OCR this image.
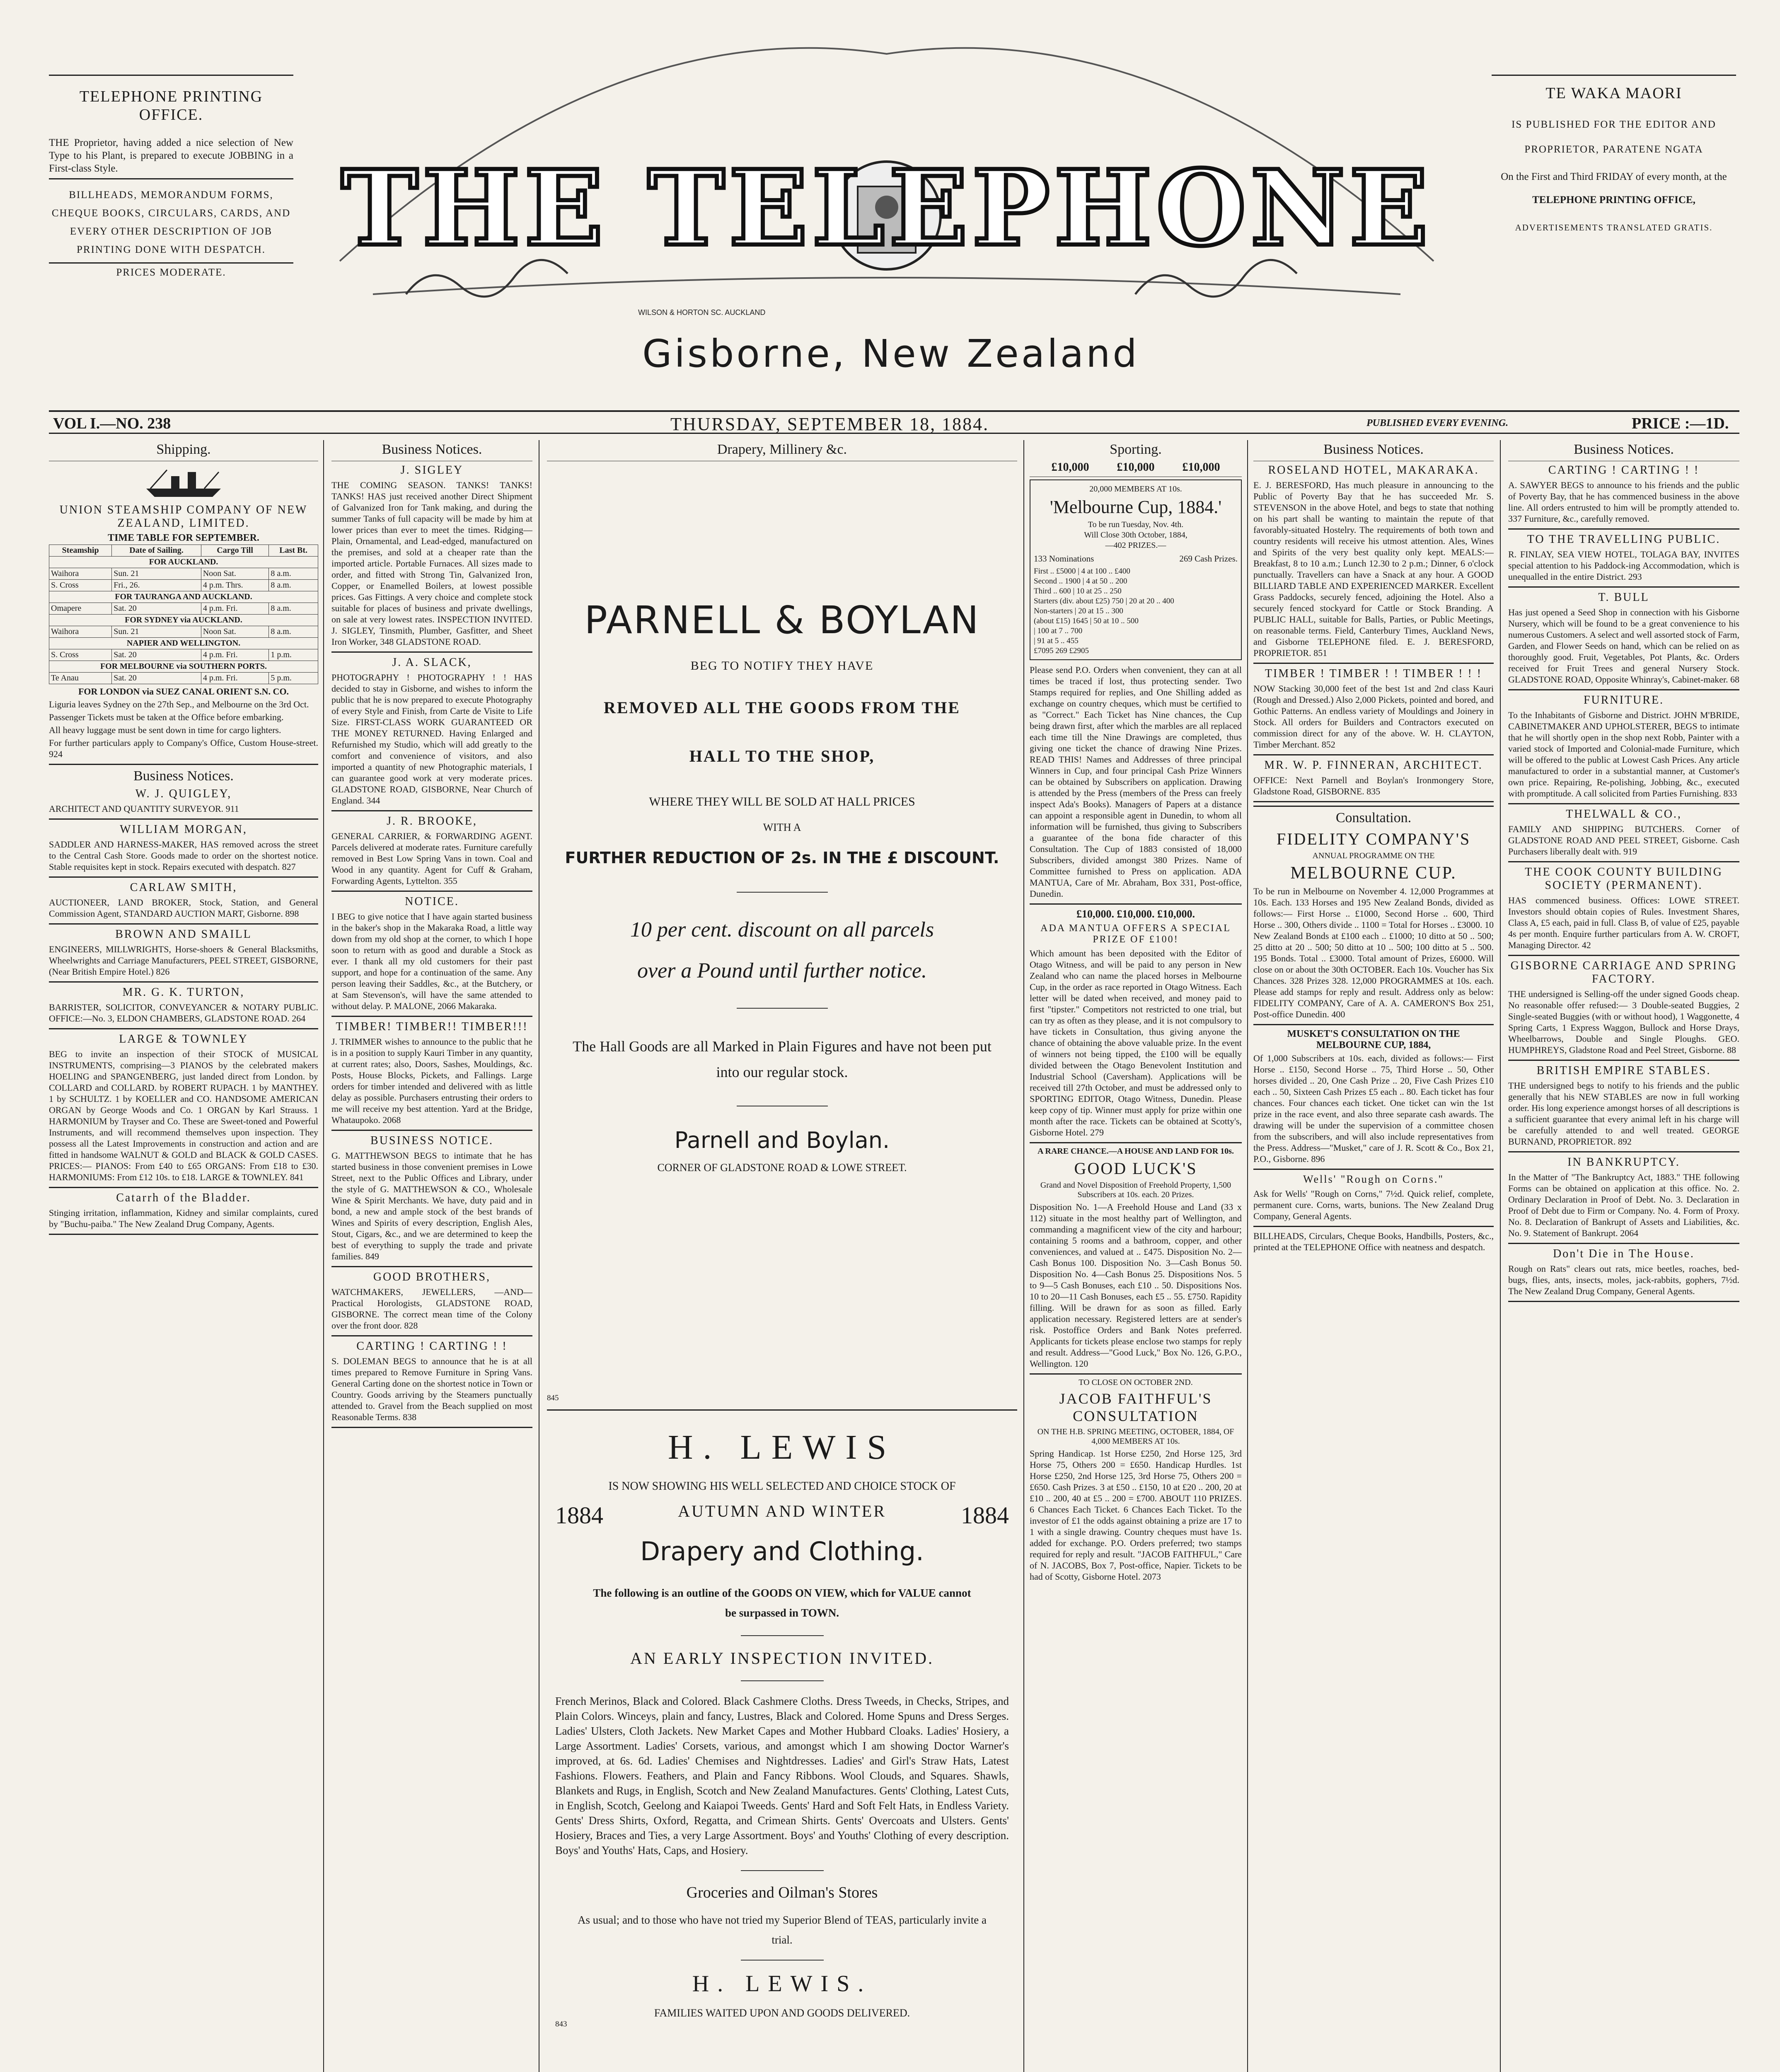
TELEPHONE PRINTING OFFICE.
THE Proprietor, having added a nice selection of New Type to his Plant, is prepared to execute JOBBING in a First-class Style.
BILLHEADS, MEMORANDUM FORMS, CHEQUE BOOKS, CIRCULARS, CARDS, AND EVERY OTHER DESCRIPTION OF JOB PRINTING DONE WITH DESPATCH.
PRICES MODERATE.
THE TELEPHONE
WILSON & HORTON SC. AUCKLAND
Gisborne, New Zealand
TE WAKA MAORI
IS PUBLISHED FOR THE EDITOR AND PROPRIETOR, PARATENE NGATA
On the First and Third FRIDAY of every month, at the
TELEPHONE PRINTING OFFICE,
ADVERTISEMENTS TRANSLATED GRATIS.
VOL I.—NO. 238	THURSDAY, SEPTEMBER 18, 1884.	PUBLISHED EVERY EVENING.	PRICE :—1D.
Shipping.
UNION STEAMSHIP COMPANY OF NEW ZEALAND, LIMITED.
TIME TABLE FOR SEPTEMBER.
Steamship	Date of Sailing.	Cargo Till	Last Bt.
FOR AUCKLAND.			
Waihora	Sun. 21	Noon Sat.	8 a.m.
S. Cross	Fri., 26.	4 p.m. Thrs.	8 a.m.
FOR TAURANGA AND AUCKLAND.			
Omapere	Sat. 20	4 p.m. Fri.	8 a.m.
FOR SYDNEY via AUCKLAND.			
Waihora	Sun. 21	Noon Sat.	8 a.m.
NAPIER AND WELLINGTON.			
S. Cross	Sat. 20	4 p.m. Fri.	1 p.m.
FOR MELBOURNE via SOUTHERN PORTS.			
Te Anau	Sat. 20	4 p.m. Fri.	5 p.m.

FOR LONDON via SUEZ CANAL ORIENT S.N. CO.

Liguria leaves Sydney on the 27th Sep., and Melbourne on the 3rd Oct.

Passenger Tickets must be taken at the Office before embarking.

All heavy luggage must be sent down in time for cargo lighters.

For further particulars apply to Company's Office, Custom House-street. 924

Business Notices.
W. J. QUIGLEY,

ARCHITECT AND QUANTITY SURVEYOR. 911

WILLIAM MORGAN,

SADDLER AND HARNESS-MAKER, HAS removed across the street to the Central Cash Store. Goods made to order on the shortest notice. Stable requisites kept in stock. Repairs executed with despatch. 827

CARLAW SMITH,

AUCTIONEER, LAND BROKER, Stock, Station, and General Commission Agent, STANDARD AUCTION MART, Gisborne. 898

BROWN AND SMAILL

ENGINEERS, MILLWRIGHTS, Horse-shoers & General Blacksmiths, Wheelwrights and Carriage Manufacturers, PEEL STREET, GISBORNE, (Near British Empire Hotel.) 826

MR. G. K. TURTON,

BARRISTER, SOLICITOR, CONVEYANCER & NOTARY PUBLIC. OFFICE:—No. 3, ELDON CHAMBERS, GLADSTONE ROAD. 264

LARGE & TOWNLEY

BEG to invite an inspection of their STOCK of MUSICAL INSTRUMENTS, comprising—3 PIANOS by the celebrated makers HOELING and SPANGENBERG, just landed direct from London. by COLLARD and COLLARD. by ROBERT RUPACH. 1 by MANTHEY. 1 by SCHULTZ. 1 by KOELLER and CO. HANDSOME AMERICAN ORGAN by George Woods and Co. 1 ORGAN by Karl Strauss. 1 HARMONIUM by Trayser and Co. These are Sweet-toned and Powerful Instruments, and will recommend themselves upon inspection. They possess all the Latest Improvements in construction and action and are fitted in handsome WALNUT & GOLD and BLACK & GOLD CASES. PRICES:— PIANOS: From £40 to £65 ORGANS: From £18 to £30. HARMONIUMS: From £12 10s. to £18. LARGE & TOWNLEY. 841

Catarrh of the Bladder.

Stinging irritation, inflammation, Kidney and similar complaints, cured by "Buchu-paiba." The New Zealand Drug Company, Agents.

Business Notices.
J. SIGLEY

THE COMING SEASON. TANKS! TANKS! TANKS! HAS just received another Direct Shipment of Galvanized Iron for Tank making, and during the summer Tanks of full capacity will be made by him at lower prices than ever to meet the times. Ridging—Plain, Ornamental, and Lead-edged, manufactured on the premises, and sold at a cheaper rate than the imported article. Portable Furnaces. All sizes made to order, and fitted with Strong Tin, Galvanized Iron, Copper, or Enamelled Boilers, at lowest possible prices. Gas Fittings. A very choice and complete stock suitable for places of business and private dwellings, on sale at very lowest rates. INSPECTION INVITED. J. SIGLEY, Tinsmith, Plumber, Gasfitter, and Sheet Iron Worker, 348 GLADSTONE ROAD.

J. A. SLACK,

PHOTOGRAPHY ! PHOTOGRAPHY ! ! HAS decided to stay in Gisborne, and wishes to inform the public that he is now prepared to execute Photography of every Style and Finish, from Carte de Visite to Life Size. FIRST-CLASS WORK GUARANTEED OR THE MONEY RETURNED. Having Enlarged and Refurnished my Studio, which will add greatly to the comfort and convenience of visitors, and also imported a quantity of new Photographic materials, I can guarantee good work at very moderate prices. GLADSTONE ROAD, GISBORNE, Near Church of England. 344

J. R. BROOKE,

GENERAL CARRIER, & FORWARDING AGENT. Parcels delivered at moderate rates. Furniture carefully removed in Best Low Spring Vans in town. Coal and Wood in any quantity. Agent for Cuff & Graham, Forwarding Agents, Lyttelton. 355

NOTICE.

I BEG to give notice that I have again started business in the baker's shop in the Makaraka Road, a little way down from my old shop at the corner, to which I hope soon to return with as good and durable a Stock as ever. I thank all my old customers for their past support, and hope for a continuation of the same. Any person leaving their Saddles, &c., at the Butchery, or at Sam Stevenson's, will have the same attended to without delay. P. MALONE, 2066 Makaraka.

TIMBER! TIMBER!! TIMBER!!!

J. TRIMMER wishes to announce to the public that he is in a position to supply Kauri Timber in any quantity, at current rates; also, Doors, Sashes, Mouldings, &c. Posts, House Blocks, Pickets, and Fallings. Large orders for timber intended and delivered with as little delay as possible. Purchasers entrusting their orders to me will receive my best attention. Yard at the Bridge, Whataupoko. 2068

BUSINESS NOTICE.

G. MATTHEWSON BEGS to intimate that he has started business in those convenient premises in Lowe Street, next to the Public Offices and Library, under the style of G. MATTHEWSON & CO., Wholesale Wine & Spirit Merchants. We have, duty paid and in bond, a new and ample stock of the best brands of Wines and Spirits of every description, English Ales, Stout, Cigars, &c., and we are determined to keep the best of everything to supply the trade and private families. 849

GOOD BROTHERS,

WATCHMAKERS, JEWELLERS, —AND— Practical Horologists, GLADSTONE ROAD, GISBORNE. The correct mean time of the Colony over the front door. 828

CARTING ! CARTING ! !

S. DOLEMAN BEGS to announce that he is at all times prepared to Remove Furniture in Spring Vans. General Carting done on the shortest notice in Town or Country. Goods arriving by the Steamers punctually attended to. Gravel from the Beach supplied on most Reasonable Terms. 838

Drapery, Millinery &c.
PARNELL & BOYLAN
BEG TO NOTIFY THEY HAVE
REMOVED ALL THE GOODS FROM THE
HALL TO THE SHOP,
WHERE THEY WILL BE SOLD AT HALL PRICES
WITH A
FURTHER REDUCTION OF 2s. IN THE £ DISCOUNT.
10 per cent. discount on all parcels
over a Pound until further notice.
The Hall Goods are all Marked in Plain Figures and have not been put into our regular stock.
Parnell and Boylan.
CORNER OF GLADSTONE ROAD & LOWE STREET.
845
H. LEWIS
IS NOW SHOWING HIS WELL SELECTED AND CHOICE STOCK OF
1884	AUTUMN AND WINTER	1884
Drapery and Clothing.
The following is an outline of the GOODS ON VIEW, which for VALUE cannot be surpassed in TOWN.
AN EARLY INSPECTION INVITED.
French Merinos, Black and Colored. Black Cashmere Cloths. Dress Tweeds, in Checks, Stripes, and Plain Colors. Winceys, plain and fancy, Lustres, Black and Colored. Home Spuns and Dress Serges. Ladies' Ulsters, Cloth Jackets. New Market Capes and Mother Hubbard Cloaks. Ladies' Hosiery, a Large Assortment. Ladies' Corsets, various, and amongst which I am showing Doctor Warner's improved, at 6s. 6d. Ladies' Chemises and Nightdresses. Ladies' and Girl's Straw Hats, Latest Fashions. Flowers. Feathers, and Plain and Fancy Ribbons. Wool Clouds, and Squares. Shawls, Blankets and Rugs, in English, Scotch and New Zealand Manufactures. Gents' Clothing, Latest Cuts, in English, Scotch, Geelong and Kaiapoi Tweeds. Gents' Hard and Soft Felt Hats, in Endless Variety. Gents' Dress Shirts, Oxford, Regatta, and Crimean Shirts. Gents' Overcoats and Ulsters. Gents' Hosiery, Braces and Ties, a very Large Assortment. Boys' and Youths' Clothing of every description. Boys' and Youths' Hats, Caps, and Hosiery.
Groceries and Oilman's Stores
As usual; and to those who have not tried my Superior Blend of TEAS, particularly invite a trial.
H. LEWIS.
FAMILIES WAITED UPON AND GOODS DELIVERED.
843
Sporting.
£10,000 £10,000 £10,000
20,000 MEMBERS AT 10s.
'Melbourne Cup, 1884.'
To be run Tuesday, Nov. 4th.
Will Close 30th October, 1884,
—402 PRIZES.—
133 Nominations	269 Cash Prizes.
First .. £5000 | 4 at 100 .. £400
Second .. 1900 | 4 at 50 .. 200
Third .. 600 | 10 at 25 .. 250
Starters (div. about £25) 750 | 20 at 20 .. 400
Non-starters | 20 at 15 .. 300
(about £15) 1645 | 50 at 10 .. 500
| 100 at 7 .. 700
| 91 at 5 .. 455
£7095 269 £2905

Please send P.O. Orders when convenient, they can at all times be traced if lost, thus protecting sender. Two Stamps required for replies, and One Shilling added as exchange on country cheques, which must be certified to as "Correct." Each Ticket has Nine chances, the Cup being drawn first, after which the marbles are all replaced each time till the Nine Drawings are completed, thus giving one ticket the chance of drawing Nine Prizes. READ THIS! Names and Addresses of three principal Winners in Cup, and four principal Cash Prize Winners can be obtained by Subscribers on application. Drawing is attended by the Press (members of the Press can freely inspect Ada's Books). Managers of Papers at a distance can appoint a responsible agent in Dunedin, to whom all information will be furnished, thus giving to Subscribers a guarantee of the bona fide character of this Consultation. The Cup of 1883 consisted of 18,000 Subscribers, divided amongst 380 Prizes. Name of Committee furnished to Press on application. ADA MANTUA, Care of Mr. Abraham, Box 331, Post-office, Dunedin.

£10,000. £10,000. £10,000.
ADA MANTUA OFFERS A SPECIAL PRIZE OF £100!

Which amount has been deposited with the Editor of Otago Witness, and will be paid to any person in New Zealand who can name the placed horses in Melbourne Cup, in the order as race reported in Otago Witness. Each letter will be dated when received, and money paid to first "tipster." Competitors not restricted to one trial, but can try as often as they please, and it is not compulsory to have tickets in Consultation, thus giving anyone the chance of obtaining the above valuable prize. In the event of winners not being tipped, the £100 will be equally divided between the Otago Benevolent Institution and Industrial School (Caversham). Applications will be received till 27th October, and must be addressed only to SPORTING EDITOR, Otago Witness, Dunedin. Please keep copy of tip. Winner must apply for prize within one month after the race. Tickets can be obtained at Scotty's, Gisborne Hotel. 279

A RARE CHANCE.—A HOUSE AND LAND FOR 10s.
GOOD LUCK'S
Grand and Novel Disposition of Freehold Property, 1,500 Subscribers at 10s. each. 20 Prizes.

Disposition No. 1—A Freehold House and Land (33 x 112) situate in the most healthy part of Wellington, and commanding a magnificent view of the city and harbour; containing 5 rooms and a bathroom, copper, and other conveniences, and valued at .. £475. Disposition No. 2—Cash Bonus 100. Disposition No. 3—Cash Bonus 50. Disposition No. 4—Cash Bonus 25. Dispositions Nos. 5 to 9—5 Cash Bonuses, each £10 .. 50. Dispositions Nos. 10 to 20—11 Cash Bonuses, each £5 .. 55. £750. Rapidity filling. Will be drawn for as soon as filled. Early application necessary. Registered letters are at sender's risk. Postoffice Orders and Bank Notes preferred. Applicants for tickets please enclose two stamps for reply and result. Address—"Good Luck," Box No. 126, G.P.O., Wellington. 120

TO CLOSE ON OCTOBER 2ND.
JACOB FAITHFUL'S CONSULTATION
ON THE H.B. SPRING MEETING, OCTOBER, 1884, OF 4,000 MEMBERS AT 10s.

Spring Handicap. 1st Horse £250, 2nd Horse 125, 3rd Horse 75, Others 200 = £650. Handicap Hurdles. 1st Horse £250, 2nd Horse 125, 3rd Horse 75, Others 200 = £650. Cash Prizes. 3 at £50 .. £150, 10 at £20 .. 200, 20 at £10 .. 200, 40 at £5 .. 200 = £700. ABOUT 110 PRIZES. 6 Chances Each Ticket. 6 Chances Each Ticket. To the investor of £1 the odds against obtaining a prize are 17 to 1 with a single drawing. Country cheques must have 1s. added for exchange. P.O. Orders preferred; two stamps required for reply and result. "JACOB FAITHFUL," Care of N. JACOBS, Box 7, Post-office, Napier. Tickets to be had of Scotty, Gisborne Hotel. 2073

Business Notices.
ROSELAND HOTEL, MAKARAKA.

E. J. BERESFORD, Has much pleasure in announcing to the Public of Poverty Bay that he has succeeded Mr. S. STEVENSON in the above Hotel, and begs to state that nothing on his part shall be wanting to maintain the repute of that favorably-situated Hostelry. The requirements of both town and country residents will receive his utmost attention. Ales, Wines and Spirits of the very best quality only kept. MEALS:—Breakfast, 8 to 10 a.m.; Lunch 12.30 to 2 p.m.; Dinner, 6 o'clock punctually. Travellers can have a Snack at any hour. A GOOD BILLIARD TABLE AND EXPERIENCED MARKER. Excellent Grass Paddocks, securely fenced, adjoining the Hotel. Also a securely fenced stockyard for Cattle or Stock Branding. A PUBLIC HALL, suitable for Balls, Parties, or Public Meetings, on reasonable terms. Field, Canterbury Times, Auckland News, and Gisborne TELEPHONE filed. E. J. BERESFORD, PROPRIETOR. 851

TIMBER ! TIMBER ! ! TIMBER ! ! !

NOW Stacking 30,000 feet of the best 1st and 2nd class Kauri (Rough and Dressed.) Also 2,000 Pickets, pointed and bored, and Gothic Patterns. An endless variety of Mouldings and Joinery in Stock. All orders for Builders and Contractors executed on commission direct for any of the above. W. H. CLAYTON, Timber Merchant. 852

MR. W. P. FINNERAN, ARCHITECT.

OFFICE: Next Parnell and Boylan's Ironmongery Store, Gladstone Road, GISBORNE. 835

Consultation.
FIDELITY COMPANY'S
ANNUAL PROGRAMME ON THE
MELBOURNE CUP.

To be run in Melbourne on November 4. 12,000 Programmes at 10s. Each. 133 Horses and 195 New Zealand Bonds, divided as follows:— First Horse .. £1000, Second Horse .. 600, Third Horse .. 300, Others divide .. 1100 = Total for Horses .. £3000. 10 New Zealand Bonds at £100 each .. £1000; 10 ditto at 50 .. 500; 25 ditto at 20 .. 500; 50 ditto at 10 .. 500; 100 ditto at 5 .. 500. 195 Bonds. Total .. £3000. Total amount of Prizes, £6000. Will close on or about the 30th OCTOBER. Each 10s. Voucher has Six Chances. 328 Prizes 328. 12,000 PROGRAMMES at 10s. each. Please add stamps for reply and result. Address only as below: FIDELITY COMPANY, Care of A. A. CAMERON'S Box 251, Post-office Dunedin. 400

MUSKET'S CONSULTATION ON THE MELBOURNE CUP, 1884,

Of 1,000 Subscribers at 10s. each, divided as follows:— First Horse .. £150, Second Horse .. 75, Third Horse .. 50, Other horses divided .. 20, One Cash Prize .. 20, Five Cash Prizes £10 each .. 50, Sixteen Cash Prizes £5 each .. 80. Each ticket has four chances. Four chances each ticket. One ticket can win the 1st prize in the race event, and also three separate cash awards. The drawing will be under the supervision of a committee chosen from the subscribers, and will also include representatives from the Press. Address—"Musket," care of J. R. Scott & Co., Box 21, P.O., Gisborne. 896

Wells' "Rough on Corns."

Ask for Wells' "Rough on Corns," 7½d. Quick relief, complete, permanent cure. Corns, warts, bunions. The New Zealand Drug Company, General Agents.

BILLHEADS, Circulars, Cheque Books, Handbills, Posters, &c., printed at the TELEPHONE Office with neatness and despatch.

Business Notices.
CARTING ! CARTING ! !

A. SAWYER BEGS to announce to his friends and the public of Poverty Bay, that he has commenced business in the above line. All orders entrusted to him will be promptly attended to. 337 Furniture, &c., carefully removed.

TO THE TRAVELLING PUBLIC.

R. FINLAY, SEA VIEW HOTEL, TOLAGA BAY, INVITES special attention to his Paddock-ing Accommodation, which is unequalled in the entire District. 293

T. BULL

Has just opened a Seed Shop in connection with his Gisborne Nursery, which will be found to be a great convenience to his numerous Customers. A select and well assorted stock of Farm, Garden, and Flower Seeds on hand, which can be relied on as thoroughly good. Fruit, Vegetables, Pot Plants, &c. Orders received for Fruit Trees and general Nursery Stock. GLADSTONE ROAD, Opposite Whinray's, Cabinet-maker. 68

FURNITURE.

To the Inhabitants of Gisborne and District. JOHN M'BRIDE, CABINETMAKER AND UPHOLSTERER, BEGS to intimate that he will shortly open in the shop next Robb, Painter with a varied stock of Imported and Colonial-made Furniture, which will be offered to the public at Lowest Cash Prices. Any article manufactured to order in a substantial manner, at Customer's own price. Repairing, Re-polishing, Jobbing, &c., executed with promptitude. A call solicited from Parties Furnishing. 833

THELWALL & CO.,

FAMILY AND SHIPPING BUTCHERS. Corner of GLADSTONE ROAD AND PEEL STREET, Gisborne. Cash Purchasers liberally dealt with. 919

THE COOK COUNTY BUILDING SOCIETY (PERMANENT).

HAS commenced business. Offices: LOWE STREET. Investors should obtain copies of Rules. Investment Shares, Class A, £5 each, paid in full. Class B, of value of £25, payable 4s per month. Enquire further particulars from A. W. CROFT, Managing Director. 42

GISBORNE CARRIAGE AND SPRING FACTORY.

THE undersigned is Selling-off the under signed Goods cheap. No reasonable offer refused:— 3 Double-seated Buggies, 2 Single-seated Buggies (with or without hood), 1 Waggonette, 4 Spring Carts, 1 Express Waggon, Bullock and Horse Drays, Wheelbarrows, Double and Single Ploughs. GEO. HUMPHREYS, Gladstone Road and Peel Street, Gisborne. 88

BRITISH EMPIRE STABLES.

THE undersigned begs to notify to his friends and the public generally that his NEW STABLES are now in full working order. His long experience amongst horses of all descriptions is a sufficient guarantee that every animal left in his charge will be carefully attended to and well treated. GEORGE BURNAND, PROPRIETOR. 892

IN BANKRUPTCY.

In the Matter of "The Bankruptcy Act, 1883." THE following Forms can be obtained on application at this office. No. 2. Ordinary Declaration in Proof of Debt. No. 3. Declaration in Proof of Debt due to Firm or Company. No. 4. Form of Proxy. No. 8. Declaration of Bankrupt of Assets and Liabilities, &c. No. 9. Statement of Bankrupt. 2064

Don't Die in The House.

Rough on Rats" clears out rats, mice beetles, roaches, bed-bugs, flies, ants, insects, moles, jack-rabbits, gophers, 7½d. The New Zealand Drug Company, General Agents.
